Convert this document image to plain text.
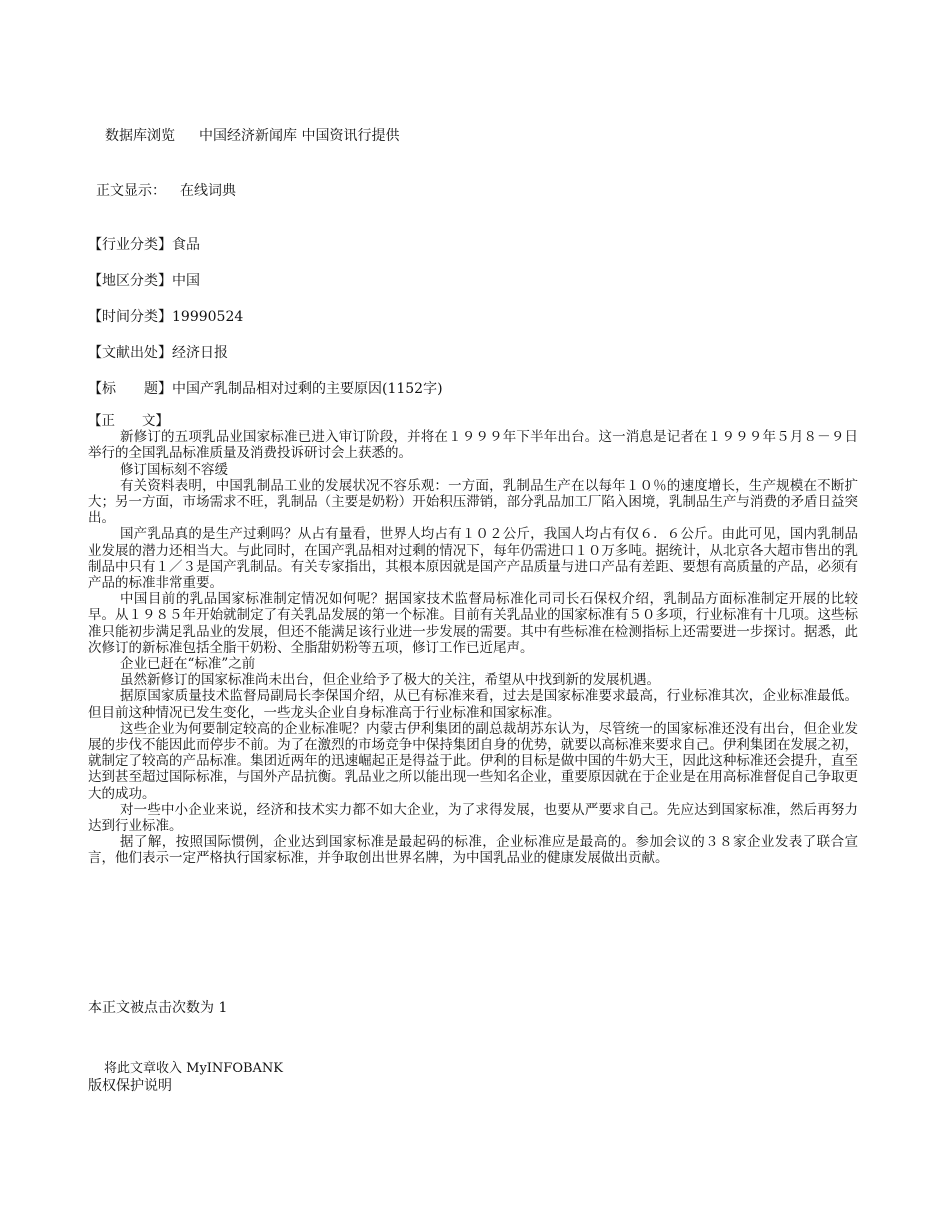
数据库浏览 中国经济新闻库 中国资讯行提供
正文显示： 在线词典
【行业分类】食品
【地区分类】中国
【时间分类】19990524
【文献出处】经济日报
【标　　题】中国产乳制品相对过剩的主要原因(1152字)
【正　　文】

新修订的五项乳品业国家标准已进入审订阶段，并将在１９９９年下半年出台。这一消息是记者在１９９９年５月８－９日举行的全国乳品标准质量及消费投诉研讨会上获悉的。

修订国标刻不容缓

有关资料表明，中国乳制品工业的发展状况不容乐观：一方面，乳制品生产在以每年１０％的速度增长，生产规模在不断扩大；另一方面，市场需求不旺，乳制品（主要是奶粉）开始积压滞销，部分乳品加工厂陷入困境，乳制品生产与消费的矛盾日益突出。

国产乳品真的是生产过剩吗？从占有量看，世界人均占有１０２公斤，我国人均占有仅６．６公斤。由此可见，国内乳制品业发展的潜力还相当大。与此同时，在国产乳品相对过剩的情况下，每年仍需进口１０万多吨。据统计，从北京各大超市售出的乳制品中只有１／３是国产乳制品。有关专家指出，其根本原因就是国产产品质量与进口产品有差距、要想有高质量的产品，必须有产品的标准非常重要。

中国目前的乳品国家标准制定情况如何呢？据国家技术监督局标准化司司长石保权介绍，乳制品方面标准制定开展的比较早。从１９８５年开始就制定了有关乳品发展的第一个标准。目前有关乳品业的国家标准有５０多项，行业标准有十几项。这些标准只能初步满足乳品业的发展，但还不能满足该行业进一步发展的需要。其中有些标准在检测指标上还需要进一步探讨。据悉，此次修订的新标准包括全脂干奶粉、全脂甜奶粉等五项，修订工作已近尾声。

企业已赶在“标准”之前

虽然新修订的国家标准尚未出台，但企业给予了极大的关注，希望从中找到新的发展机遇。

据原国家质量技术监督局副局长李保国介绍，从已有标准来看，过去是国家标准要求最高，行业标准其次，企业标准最低。但目前这种情况已发生变化，一些龙头企业自身标准高于行业标准和国家标准。

这些企业为何要制定较高的企业标准呢？内蒙古伊利集团的副总裁胡苏东认为，尽管统一的国家标准还没有出台，但企业发展的步伐不能因此而停步不前。为了在激烈的市场竞争中保持集团自身的优势，就要以高标准来要求自己。伊利集团在发展之初，就制定了较高的产品标准。集团近两年的迅速崛起正是得益于此。伊利的目标是做中国的牛奶大王，因此这种标准还会提升，直至达到甚至超过国际标准，与国外产品抗衡。乳品业之所以能出现一些知名企业，重要原因就在于企业是在用高标准督促自己争取更大的成功。

对一些中小企业来说，经济和技术实力都不如大企业，为了求得发展，也要从严要求自己。先应达到国家标准，然后再努力达到行业标准。

据了解，按照国际惯例，企业达到国家标准是最起码的标准，企业标准应是最高的。参加会议的３８家企业发表了联合宣言，他们表示一定严格执行国家标准，并争取创出世界名牌，为中国乳品业的健康发展做出贡献。

本正文被点击次数为 1
将此文章收入 MyINFOBANK
版权保护说明
